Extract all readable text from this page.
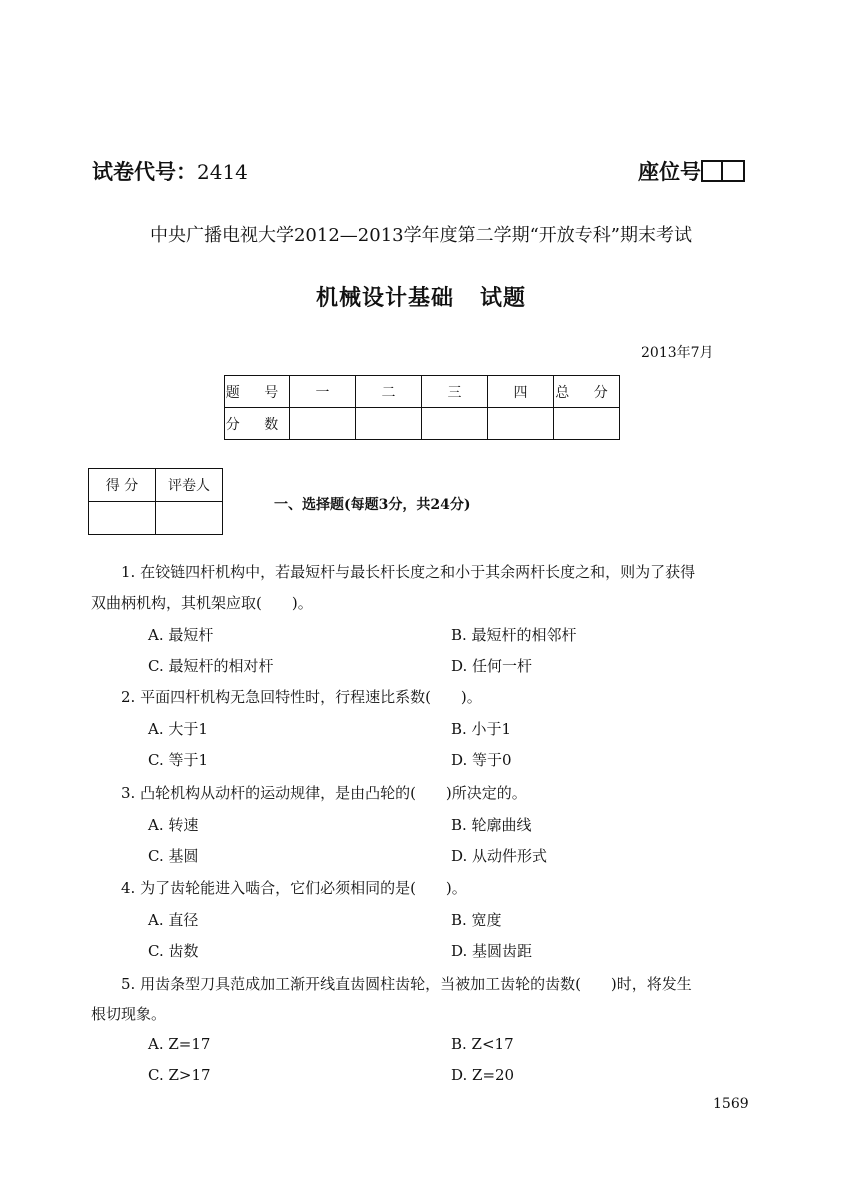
试卷代号：2414	座位号
中央广播电视大学2012—2013学年度第二学期“开放专科”期末考试
机械设计基础   试题
2013年7月
题 号	一	二	三	四	总 分
分 数					
得 分	评卷人

一、选择题(每题3分，共24分)
1. 在铰链四杆机构中，若最短杆与最长杆长度之和小于其余两杆长度之和，则为了获得
双曲柄机构，其机架应取(　　)。
A. 最短杆	B. 最短杆的相邻杆
C. 最短杆的相对杆	D. 任何一杆
2. 平面四杆机构无急回特性时，行程速比系数(　　)。
A. 大于1	B. 小于1
C. 等于1	D. 等于0
3. 凸轮机构从动杆的运动规律，是由凸轮的(　　)所决定的。
A. 转速	B. 轮廓曲线
C. 基圆	D. 从动件形式
4. 为了齿轮能进入啮合，它们必须相同的是(　　)。
A. 直径	B. 宽度
C. 齿数	D. 基圆齿距
5. 用齿条型刀具范成加工渐开线直齿圆柱齿轮，当被加工齿轮的齿数(　　)时，将发生
根切现象。
A. Z=17	B. Z<17
C. Z>17	D. Z=20
1569
